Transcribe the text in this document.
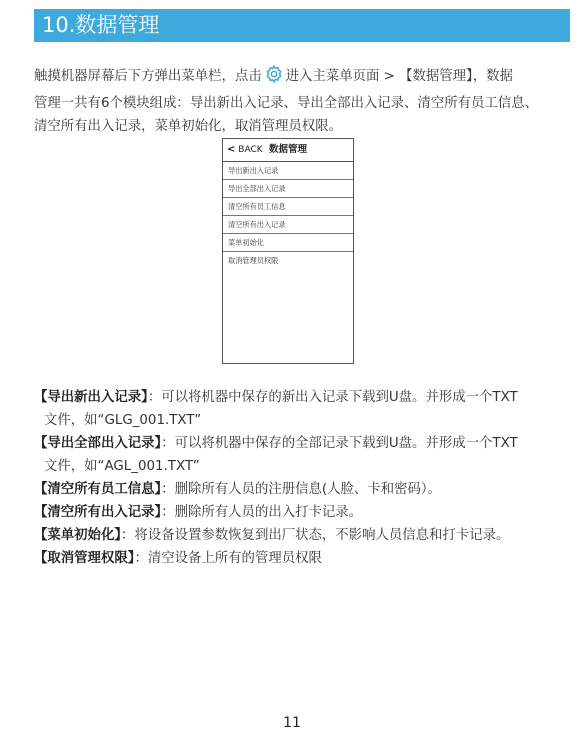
10.数据管理
触摸机器屏幕后下方弹出菜单栏，点击 进入主菜单页面 > 【数据管理】，数据
管理一共有6个模块组成：导出新出入记录、导出全部出入记录、清空所有员工信息、
清空所有出入记录，菜单初始化，取消管理员权限。
< BACK 数据管理
导出新出入记录
导出全部出入记录
清空所有员工信息
清空所有出入记录
菜单初始化
取消管理员权限
【导出新出入记录】：可以将机器中保存的新出入记录下载到U盘。并形成一个TXT
文件，如“GLG_001.TXT”
【导出全部出入记录】：可以将机器中保存的全部记录下载到U盘。并形成一个TXT
文件，如“AGL_001.TXT”
【清空所有员工信息】：删除所有人员的注册信息(人脸、卡和密码）。
【清空所有出入记录】：删除所有人员的出入打卡记录。
【菜单初始化】：将设备设置参数恢复到出厂状态，不影响人员信息和打卡记录。
【取消管理权限】：清空设备上所有的管理员权限
11
